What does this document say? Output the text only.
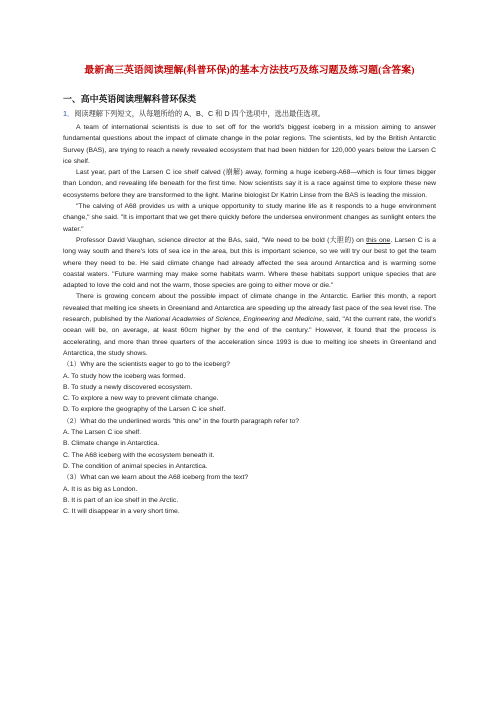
最新高三英语阅读理解(科普环保)的基本方法技巧及练习题及练习题(含答案)
一、高中英语阅读理解科普环保类
1．阅读理解下列短文，从每题所给的 A、B、C 和 D 四个选项中，选出最佳选项。

A team of international scientists is due to set off for the world's biggest iceberg in a mission aiming to answer fundamental questions about the impact of climate change in the polar regions. The scientists, led by the British Antarctic Survey (BAS), are trying to reach a newly revealed ecosystem that had been hidden for 120,000 years below the Larsen C ice shelf.

Last year, part of the Larsen C ice shelf calved (崩解) away, forming a huge iceberg-A68—which is four times bigger than London, and revealing life beneath for the first time. Now scientists say it is a race against time to explore these new ecosystems before they are transformed to the light. Marine biologist Dr Katrin Linse from the BAS is leading the mission.

"The calving of A68 provides us with a unique opportunity to study marine life as it responds to a huge environment change," she said. "It is important that we get there quickly before the undersea environment changes as sunlight enters the water."

Professor David Vaughan, science director at the BAs, said, "We need to be bold (大胆的) on this one. Larsen C is a long way south and there's lots of sea ice in the area, but this is important science, so we will try our best to get the team where they need to be. He said climate change had already affected the sea around Antarctica and is warming some coastal waters. "Future warming may make some habitats warm. Where these habitats support unique species that are adapted to love the cold and not the warm, those species are going to either move or die."

There is growing concern about the possible impact of climate change in the Antarctic. Earlier this month, a report revealed that melting ice sheets in Greenland and Antarctica are speeding up the already fast pace of the sea level rise. The research, published by the National Academies of Science, Engineering and Medicine, said, "At the current rate, the world's ocean will be, on average, at least 60cm higher by the end of the century." However, it found that the process is accelerating, and more than three quarters of the acceleration since 1993 is due to melting ice sheets in Greenland and Antarctica, the study shows.

（1）Why are the scientists eager to go to the iceberg?

A. To study how the iceberg was formed.

B. To study a newly discovered ecosystem.

C. To explore a new way to prevent climate change.

D. To explore the geography of the Larsen C ice shelf.

（2）What do the underlined words "this one" in the fourth paragraph refer to?

A. The Larsen C ice shelf.

B. Climate change in Antarctica.

C. The A68 iceberg with the ecosystem beneath it.

D. The condition of animal species in Antarctica.

（3）What can we learn about the A68 iceberg from the text?

A. It is as big as London.

B. It is part of an ice shelf in the Arctic.

C. It will disappear in a very short time.
